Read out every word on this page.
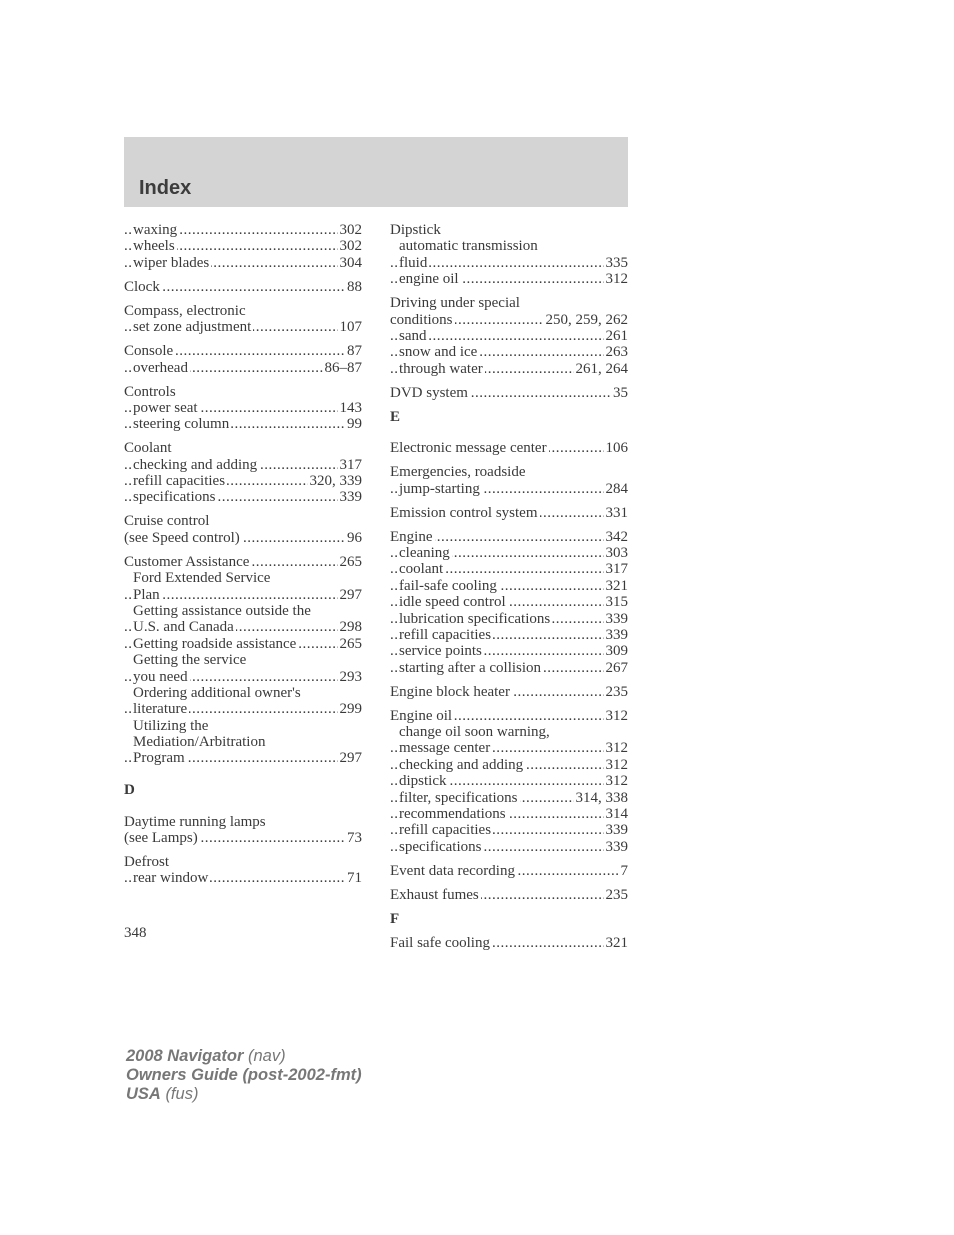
Index
waxing	302
.....
wheels	302
.....
wiper blades	304
.....
Clock	88
.....
Compass, electronic
set zone adjustment	107
.....
Console	87
.....
overhead	86–87
.....
Controls
power seat	143
.....
steering column	99
.....
Coolant
checking and adding	317
.....
refill capacities	320, 339
.....
specifications	339
.....
Cruise control
(see Speed control)	96
.....
Customer Assistance	265
.....
Ford Extended Service
Plan	297
.....
Getting assistance outside the
U.S. and Canada	298
.....
Getting roadside assistance	265
.....
Getting the service
you need	293
.....
Ordering additional owner's
literature	299
.....
Utilizing the
Mediation/Arbitration
Program	297
.....
D
Daytime running lamps
(see Lamps)	73
.....
Defrost
rear window	71
.....
Dipstick
automatic transmission
fluid	335
.....
engine oil	312
.....
Driving under special
conditions	250, 259, 262
.....
sand	261
.....
snow and ice	263
.....
through water	261, 264
.....
DVD system	35
.....
E
Electronic message center	106
.....
Emergencies, roadside
jump-starting	284
.....
Emission control system	331
.....
Engine	342
.....
cleaning	303
.....
coolant	317
.....
fail-safe cooling	321
.....
idle speed control	315
.....
lubrication specifications	339
.....
refill capacities	339
.....
service points	309
.....
starting after a collision	267
.....
Engine block heater	235
.....
Engine oil	312
.....
change oil soon warning,
message center	312
.....
checking and adding	312
.....
dipstick	312
.....
filter, specifications	314, 338
.....
recommendations	314
.....
refill capacities	339
.....
specifications	339
.....
Event data recording	7
.....
Exhaust fumes	235
.....
F
Fail safe cooling	321
.....
348
2008 Navigator (nav)
Owners Guide (post-2002-fmt)
USA (fus)
